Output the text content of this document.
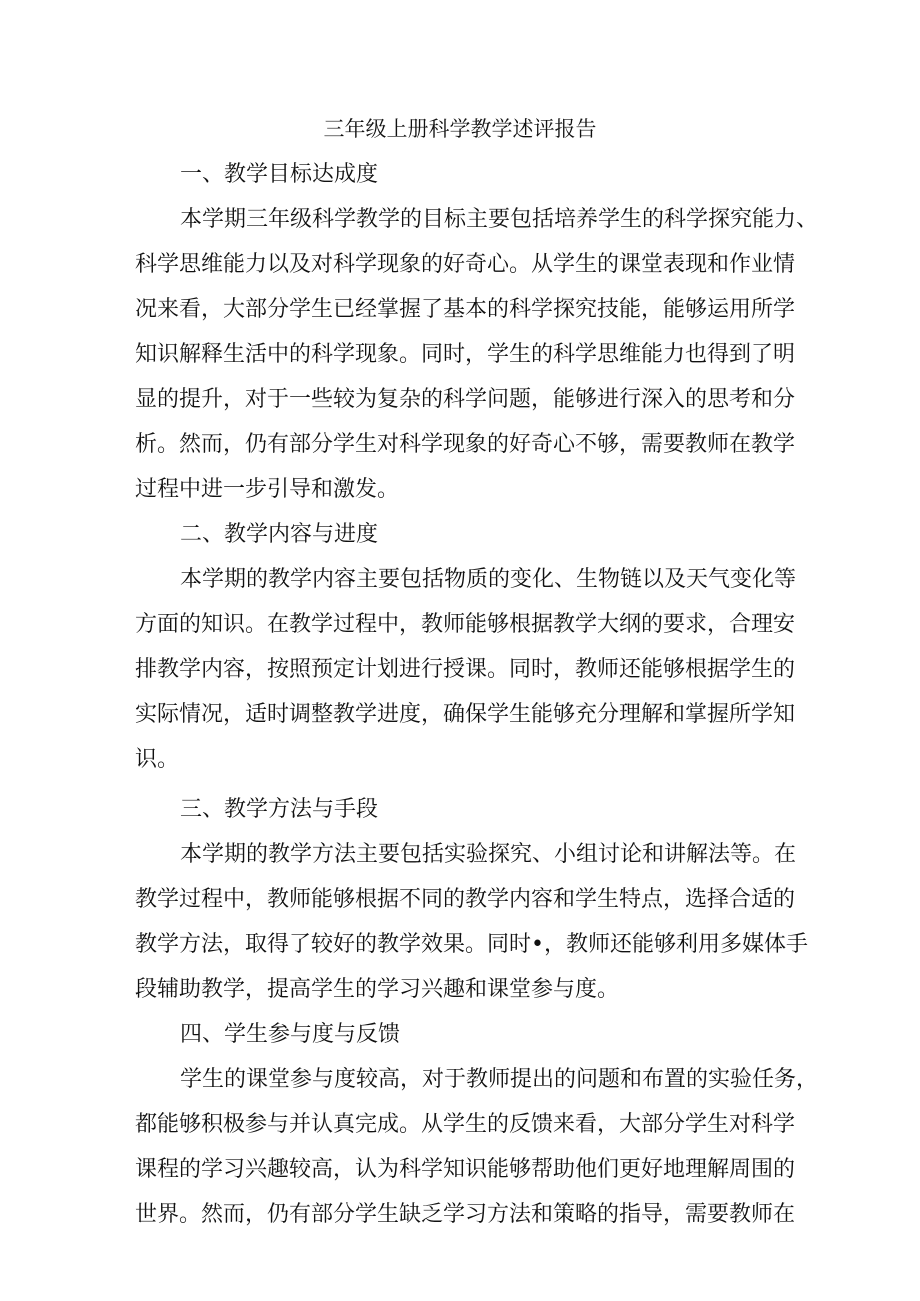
三年级上册科学教学述评报告
一、教学目标达成度
本学期三年级科学教学的目标主要包括培养学生的科学探究能力、
科学思维能力以及对科学现象的好奇心。从学生的课堂表现和作业情
况来看，大部分学生已经掌握了基本的科学探究技能，能够运用所学
知识解释生活中的科学现象。同时，学生的科学思维能力也得到了明
显的提升，对于一些较为复杂的科学问题，能够进行深入的思考和分
析。然而，仍有部分学生对科学现象的好奇心不够，需要教师在教学
过程中进一步引导和激发。
二、教学内容与进度
本学期的教学内容主要包括物质的变化、生物链以及天气变化等
方面的知识。在教学过程中，教师能够根据教学大纲的要求，合理安
排教学内容，按照预定计划进行授课。同时，教师还能够根据学生的
实际情况，适时调整教学进度，确保学生能够充分理解和掌握所学知
识。
三、教学方法与手段
本学期的教学方法主要包括实验探究、小组讨论和讲解法等。在
教学过程中，教师能够根据不同的教学内容和学生特点，选择合适的
教学方法，取得了较好的教学效果。同时•，教师还能够利用多媒体手
段辅助教学，提高学生的学习兴趣和课堂参与度。
四、学生参与度与反馈
学生的课堂参与度较高，对于教师提出的问题和布置的实验任务，
都能够积极参与并认真完成。从学生的反馈来看，大部分学生对科学
课程的学习兴趣较高，认为科学知识能够帮助他们更好地理解周围的
世界。然而，仍有部分学生缺乏学习方法和策略的指导，需要教师在
